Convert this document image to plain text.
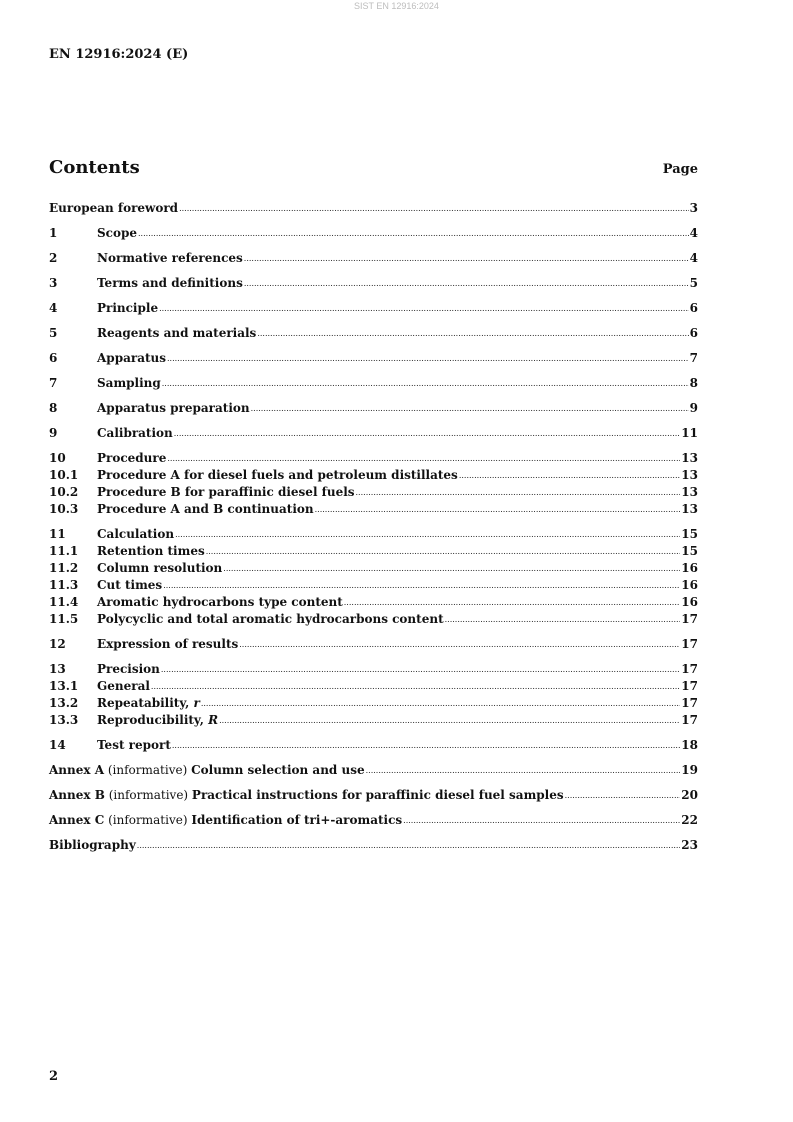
SIST EN 12916:2024
EN 12916:2024 (E)
Contents	Page
European foreword .....	3
1	Scope .....	4
2	Normative references .....	4
3	Terms and definitions .....	5
4	Principle .....	6
5	Reagents and materials .....	6
6	Apparatus .....	7
7	Sampling .....	8
8	Apparatus preparation .....	9
9	Calibration .....	11
10	Procedure .....	13
10.1	Procedure A for diesel fuels and petroleum distillates .....	13
10.2	Procedure B for paraffinic diesel fuels .....	13
10.3	Procedure A and B continuation .....	13
11	Calculation .....	15
11.1	Retention times .....	15
11.2	Column resolution .....	16
11.3	Cut times .....	16
11.4	Aromatic hydrocarbons type content .....	16
11.5	Polycyclic and total aromatic hydrocarbons content .....	17
12	Expression of results .....	17
13	Precision .....	17
13.1	General .....	17
13.2	Repeatability, r .....	17
13.3	Reproducibility, R .....	17
14	Test report .....	18
Annex A (informative) Column selection and use .....	19
Annex B (informative) Practical instructions for paraffinic diesel fuel samples .....	20
Annex C (informative) Identification of tri+-aromatics .....	22
Bibliography .....	23
2
